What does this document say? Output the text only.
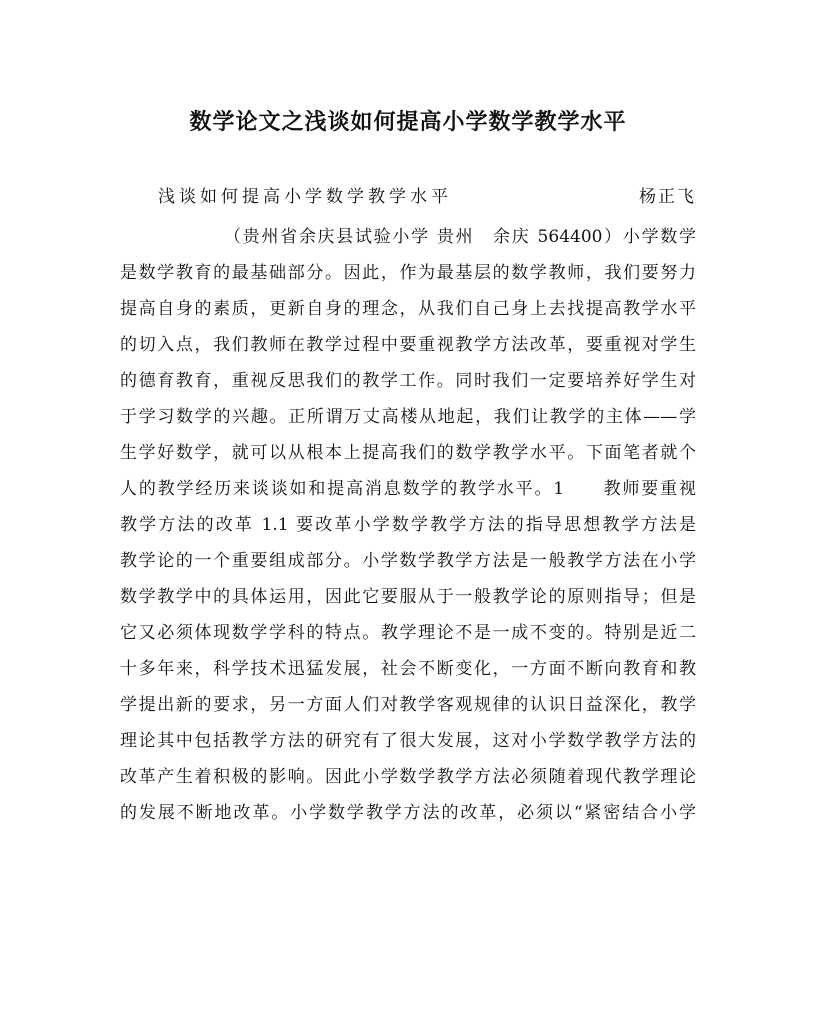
数学论文之浅谈如何提高小学数学教学水平
浅谈如何提高小学数学教学水平	杨正飞
（贵州省余庆县试验小学 贵州　余庆 564400）小学数学
是数学教育的最基础部分。因此，作为最基层的数学教师，我们要努力
提高自身的素质，更新自身的理念，从我们自己身上去找提高教学水平
的切入点，我们教师在教学过程中要重视教学方法改革，要重视对学生
的德育教育，重视反思我们的教学工作。同时我们一定要培养好学生对
于学习数学的兴趣。正所谓万丈高楼从地起，我们让教学的主体——学
生学好数学，就可以从根本上提高我们的数学教学水平。下面笔者就个
人的教学经历来谈谈如和提高消息数学的教学水平。1　　教师要重视
教学方法的改革 1.1 要改革小学数学教学方法的指导思想教学方法是
教学论的一个重要组成部分。小学数学教学方法是一般教学方法在小学
数学教学中的具体运用，因此它要服从于一般教学论的原则指导；但是
它又必须体现数学学科的特点。教学理论不是一成不变的。特别是近二
十多年来，科学技术迅猛发展，社会不断变化，一方面不断向教育和教
学提出新的要求，另一方面人们对教学客观规律的认识日益深化，教学
理论其中包括教学方法的研究有了很大发展，这对小学数学教学方法的
改革产生着积极的影响。因此小学数学教学方法必须随着现代教学理论
的发展不断地改革。小学数学教学方法的改革，必须以“紧密结合小学
